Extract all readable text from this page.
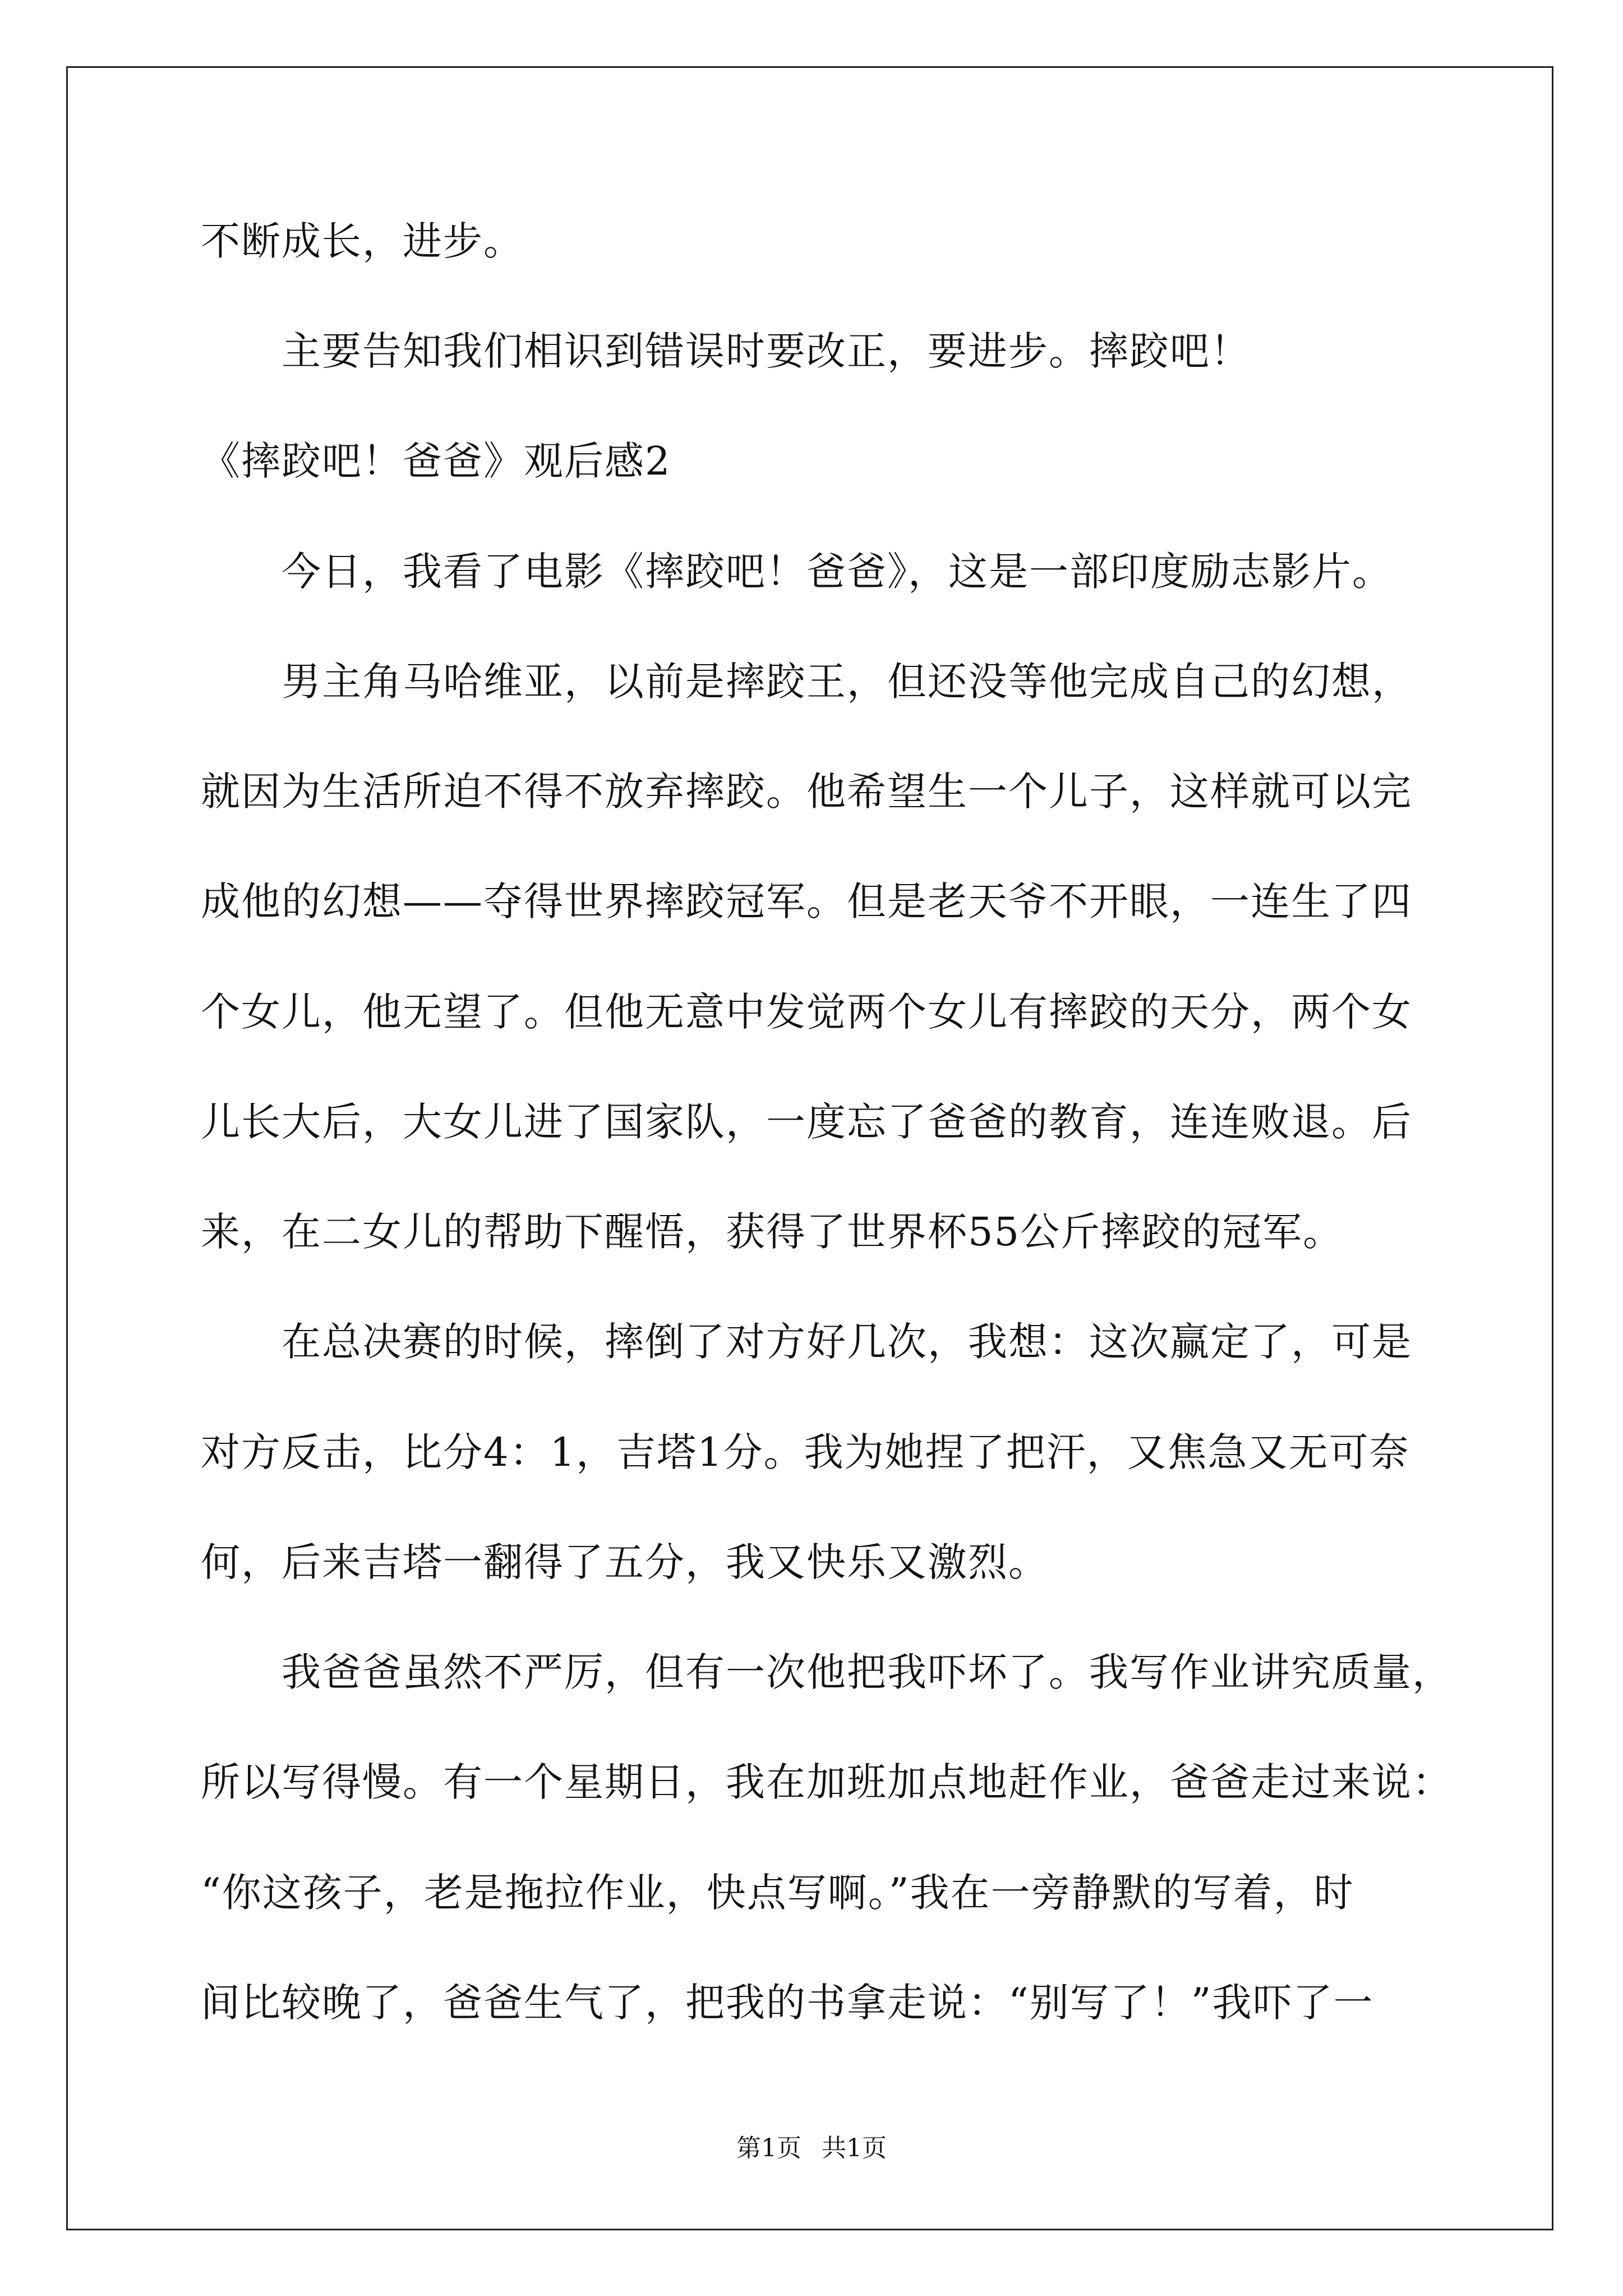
不断成长，进步。
主要告知我们相识到错误时要改正，要进步。摔跤吧！
《摔跤吧！爸爸》观后感2
今日，我看了电影《摔跤吧！爸爸》，这是一部印度励志影片。
男主角马哈维亚，以前是摔跤王，但还没等他完成自己的幻想，
就因为生活所迫不得不放弃摔跤。他希望生一个儿子，这样就可以完
成他的幻想——夺得世界摔跤冠军。但是老天爷不开眼，一连生了四
个女儿，他无望了。但他无意中发觉两个女儿有摔跤的天分，两个女
儿长大后，大女儿进了国家队，一度忘了爸爸的教育，连连败退。后
来，在二女儿的帮助下醒悟，获得了世界杯55公斤摔跤的冠军。
在总决赛的时候，摔倒了对方好几次，我想：这次赢定了，可是
对方反击，比分4：1，吉塔1分。我为她捏了把汗，又焦急又无可奈
何，后来吉塔一翻得了五分，我又快乐又激烈。
我爸爸虽然不严厉，但有一次他把我吓坏了。我写作业讲究质量，
所以写得慢。有一个星期日，我在加班加点地赶作业，爸爸走过来说：
“你这孩子，老是拖拉作业，快点写啊。”我在一旁静默的写着，时
间比较晚了，爸爸生气了，把我的书拿走说：“别写了！”我吓了一
第1页 共1页
